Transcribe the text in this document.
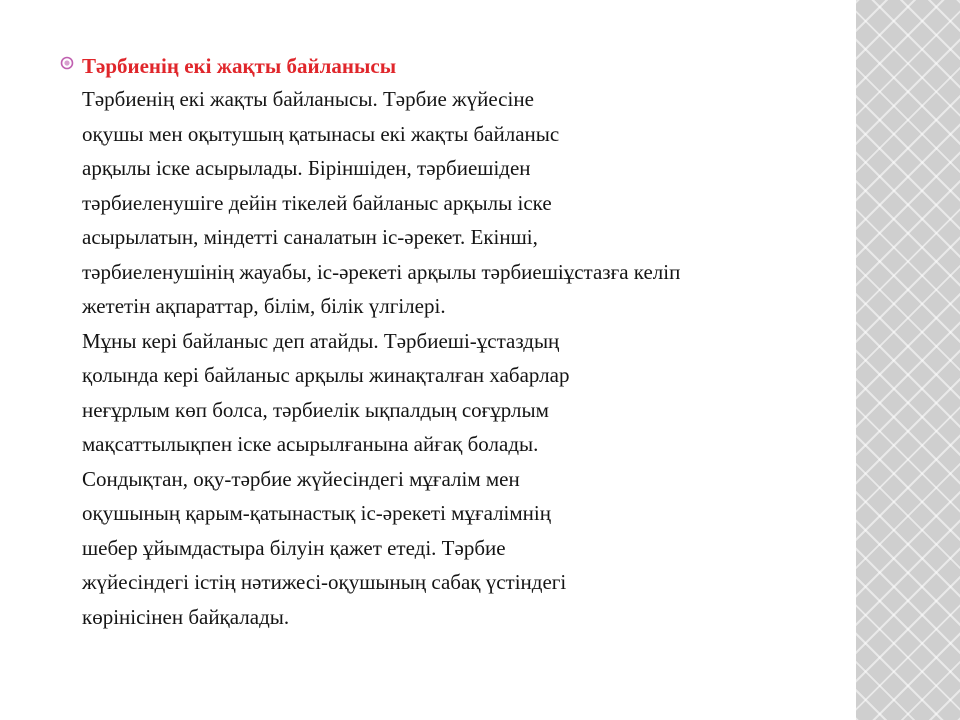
Тәрбиенің екі жақты байланысы
Тәрбиенің екі жақты байланысы. Тәрбие жүйесіне
оқушы мен оқытушың қатынасы екі жақты байланыс
арқылы іске асырылады. Біріншіден, тәрбиешіден
тәрбиеленушіге дейін тікелей байланыс арқылы іске
асырылатын, міндетті саналатын іс-әрекет. Екінші,
тәрбиеленушінің жауабы, іс-әрекеті арқылы тәрбиешіұстазға келіп
жететін ақпараттар, білім, білік үлгілері.
Мұны кері байланыс деп атайды. Тәрбиеші-ұстаздың
қолында кері байланыс арқылы жинақталған хабарлар
неғұрлым көп болса, тәрбиелік ықпалдың соғұрлым
мақсаттылықпен іске асырылғанына айғақ болады.
Сондықтан, оқу-тәрбие жүйесіндегі мұғалім мен
оқушының қарым-қатынастық іс-әрекеті мұғалімнің
шебер ұйымдастыра білуін қажет етеді. Тәрбие
жүйесіндегі істің нәтижесі-оқушының сабақ үстіндегі
көрінісінен байқалады.
